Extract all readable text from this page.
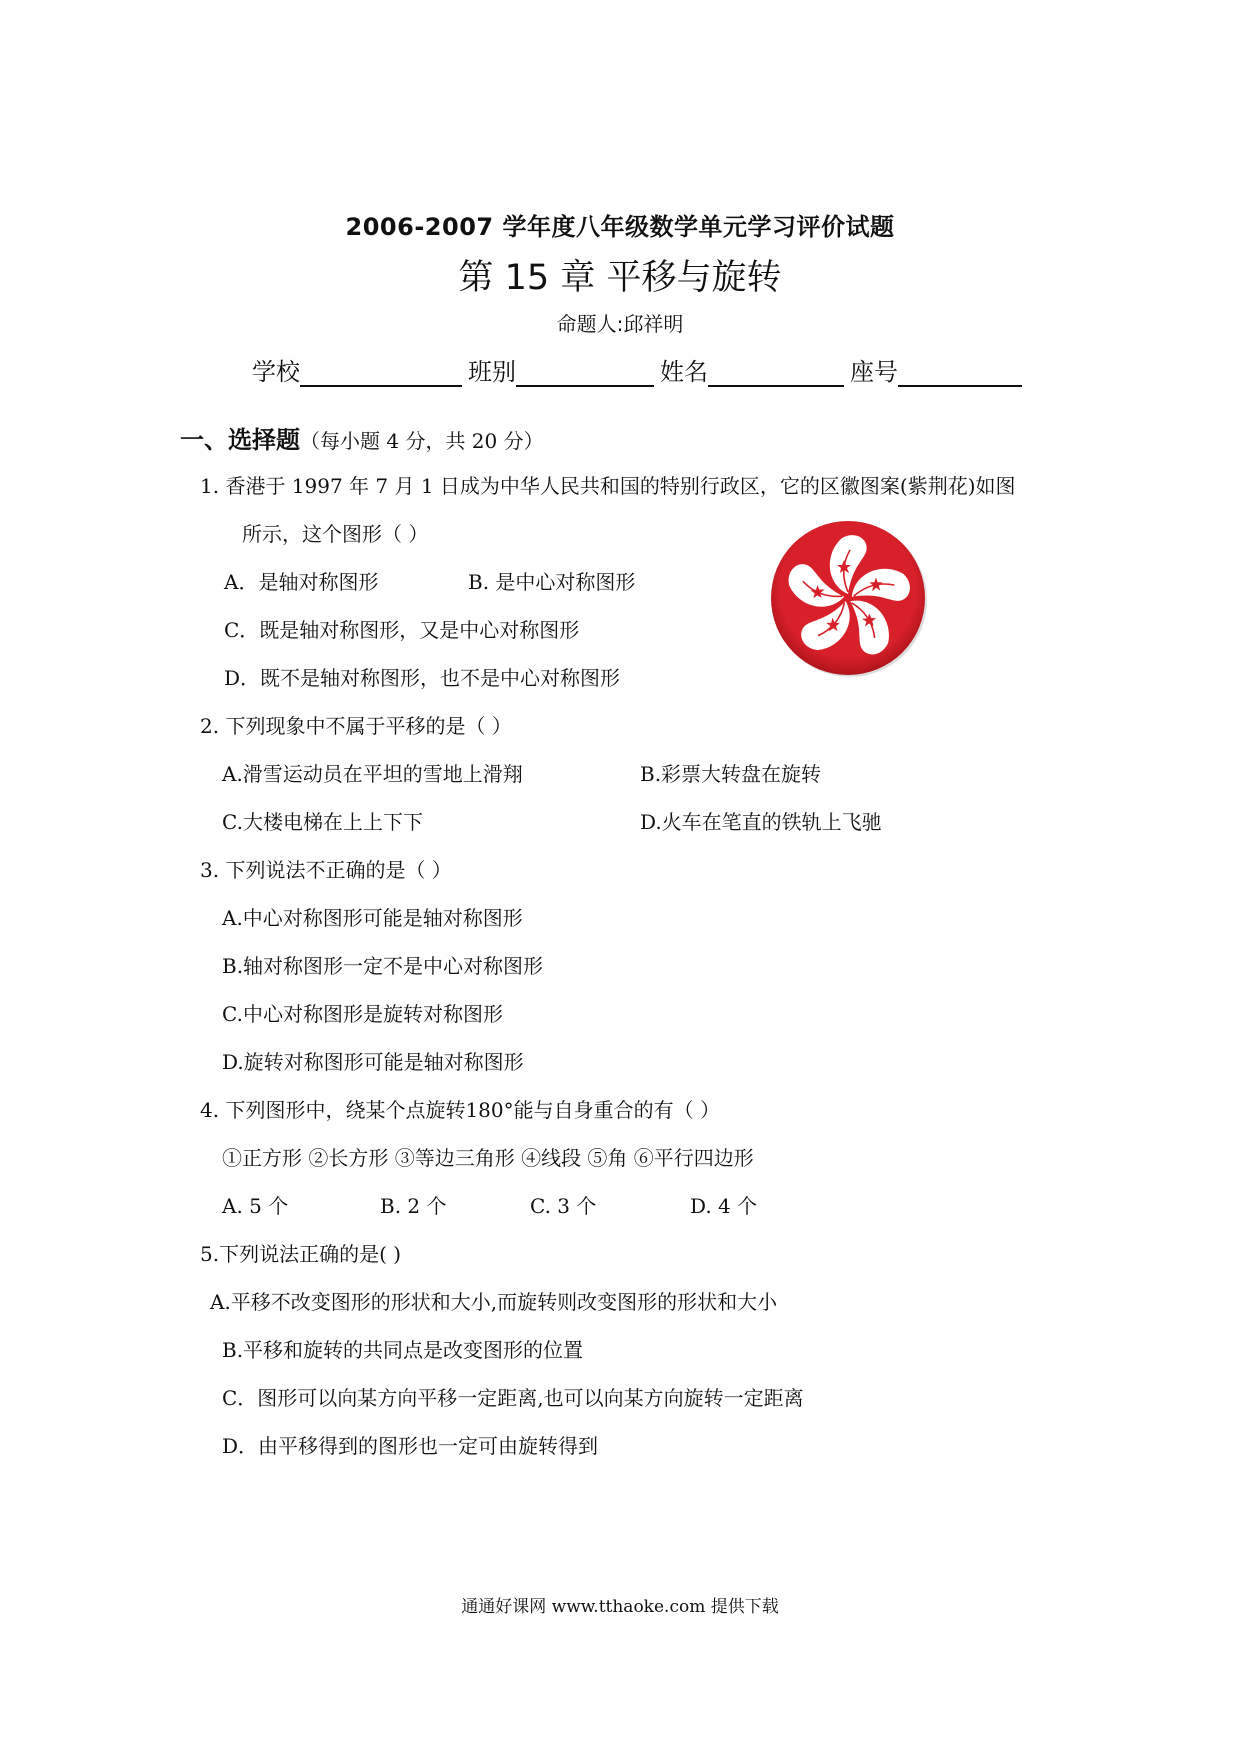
2006-2007 学年度八年级数学单元学习评价试题
第 15 章 平移与旋转
命题人:邱祥明
学校	班别	姓名	座号
一、选择题（每小题 4 分，共 20 分）
1. 香港于 1997 年 7 月 1 日成为中华人民共和国的特别行政区，它的区徽图案(紫荆花)如图
所示，这个图形（ ）
A．是轴对称图形	B. 是中心对称图形
C．既是轴对称图形，又是中心对称图形
D．既不是轴对称图形，也不是中心对称图形
2. 下列现象中不属于平移的是（ ）
A.滑雪运动员在平坦的雪地上滑翔	B.彩票大转盘在旋转
C.大楼电梯在上上下下	D.火车在笔直的铁轨上飞驰
3. 下列说法不正确的是（ ）
A.中心对称图形可能是轴对称图形
B.轴对称图形一定不是中心对称图形
C.中心对称图形是旋转对称图形
D.旋转对称图形可能是轴对称图形
4. 下列图形中，绕某个点旋转180°能与自身重合的有（ ）
①正方形 ②长方形 ③等边三角形 ④线段 ⑤角 ⑥平行四边形
A. 5 个	B. 2 个	C. 3 个	D. 4 个
5.下列说法正确的是( )
A.平移不改变图形的形状和大小,而旋转则改变图形的形状和大小
B.平移和旋转的共同点是改变图形的位置
C．图形可以向某方向平移一定距离,也可以向某方向旋转一定距离
D．由平移得到的图形也一定可由旋转得到
通通好课网 www.tthaoke.com 提供下载
